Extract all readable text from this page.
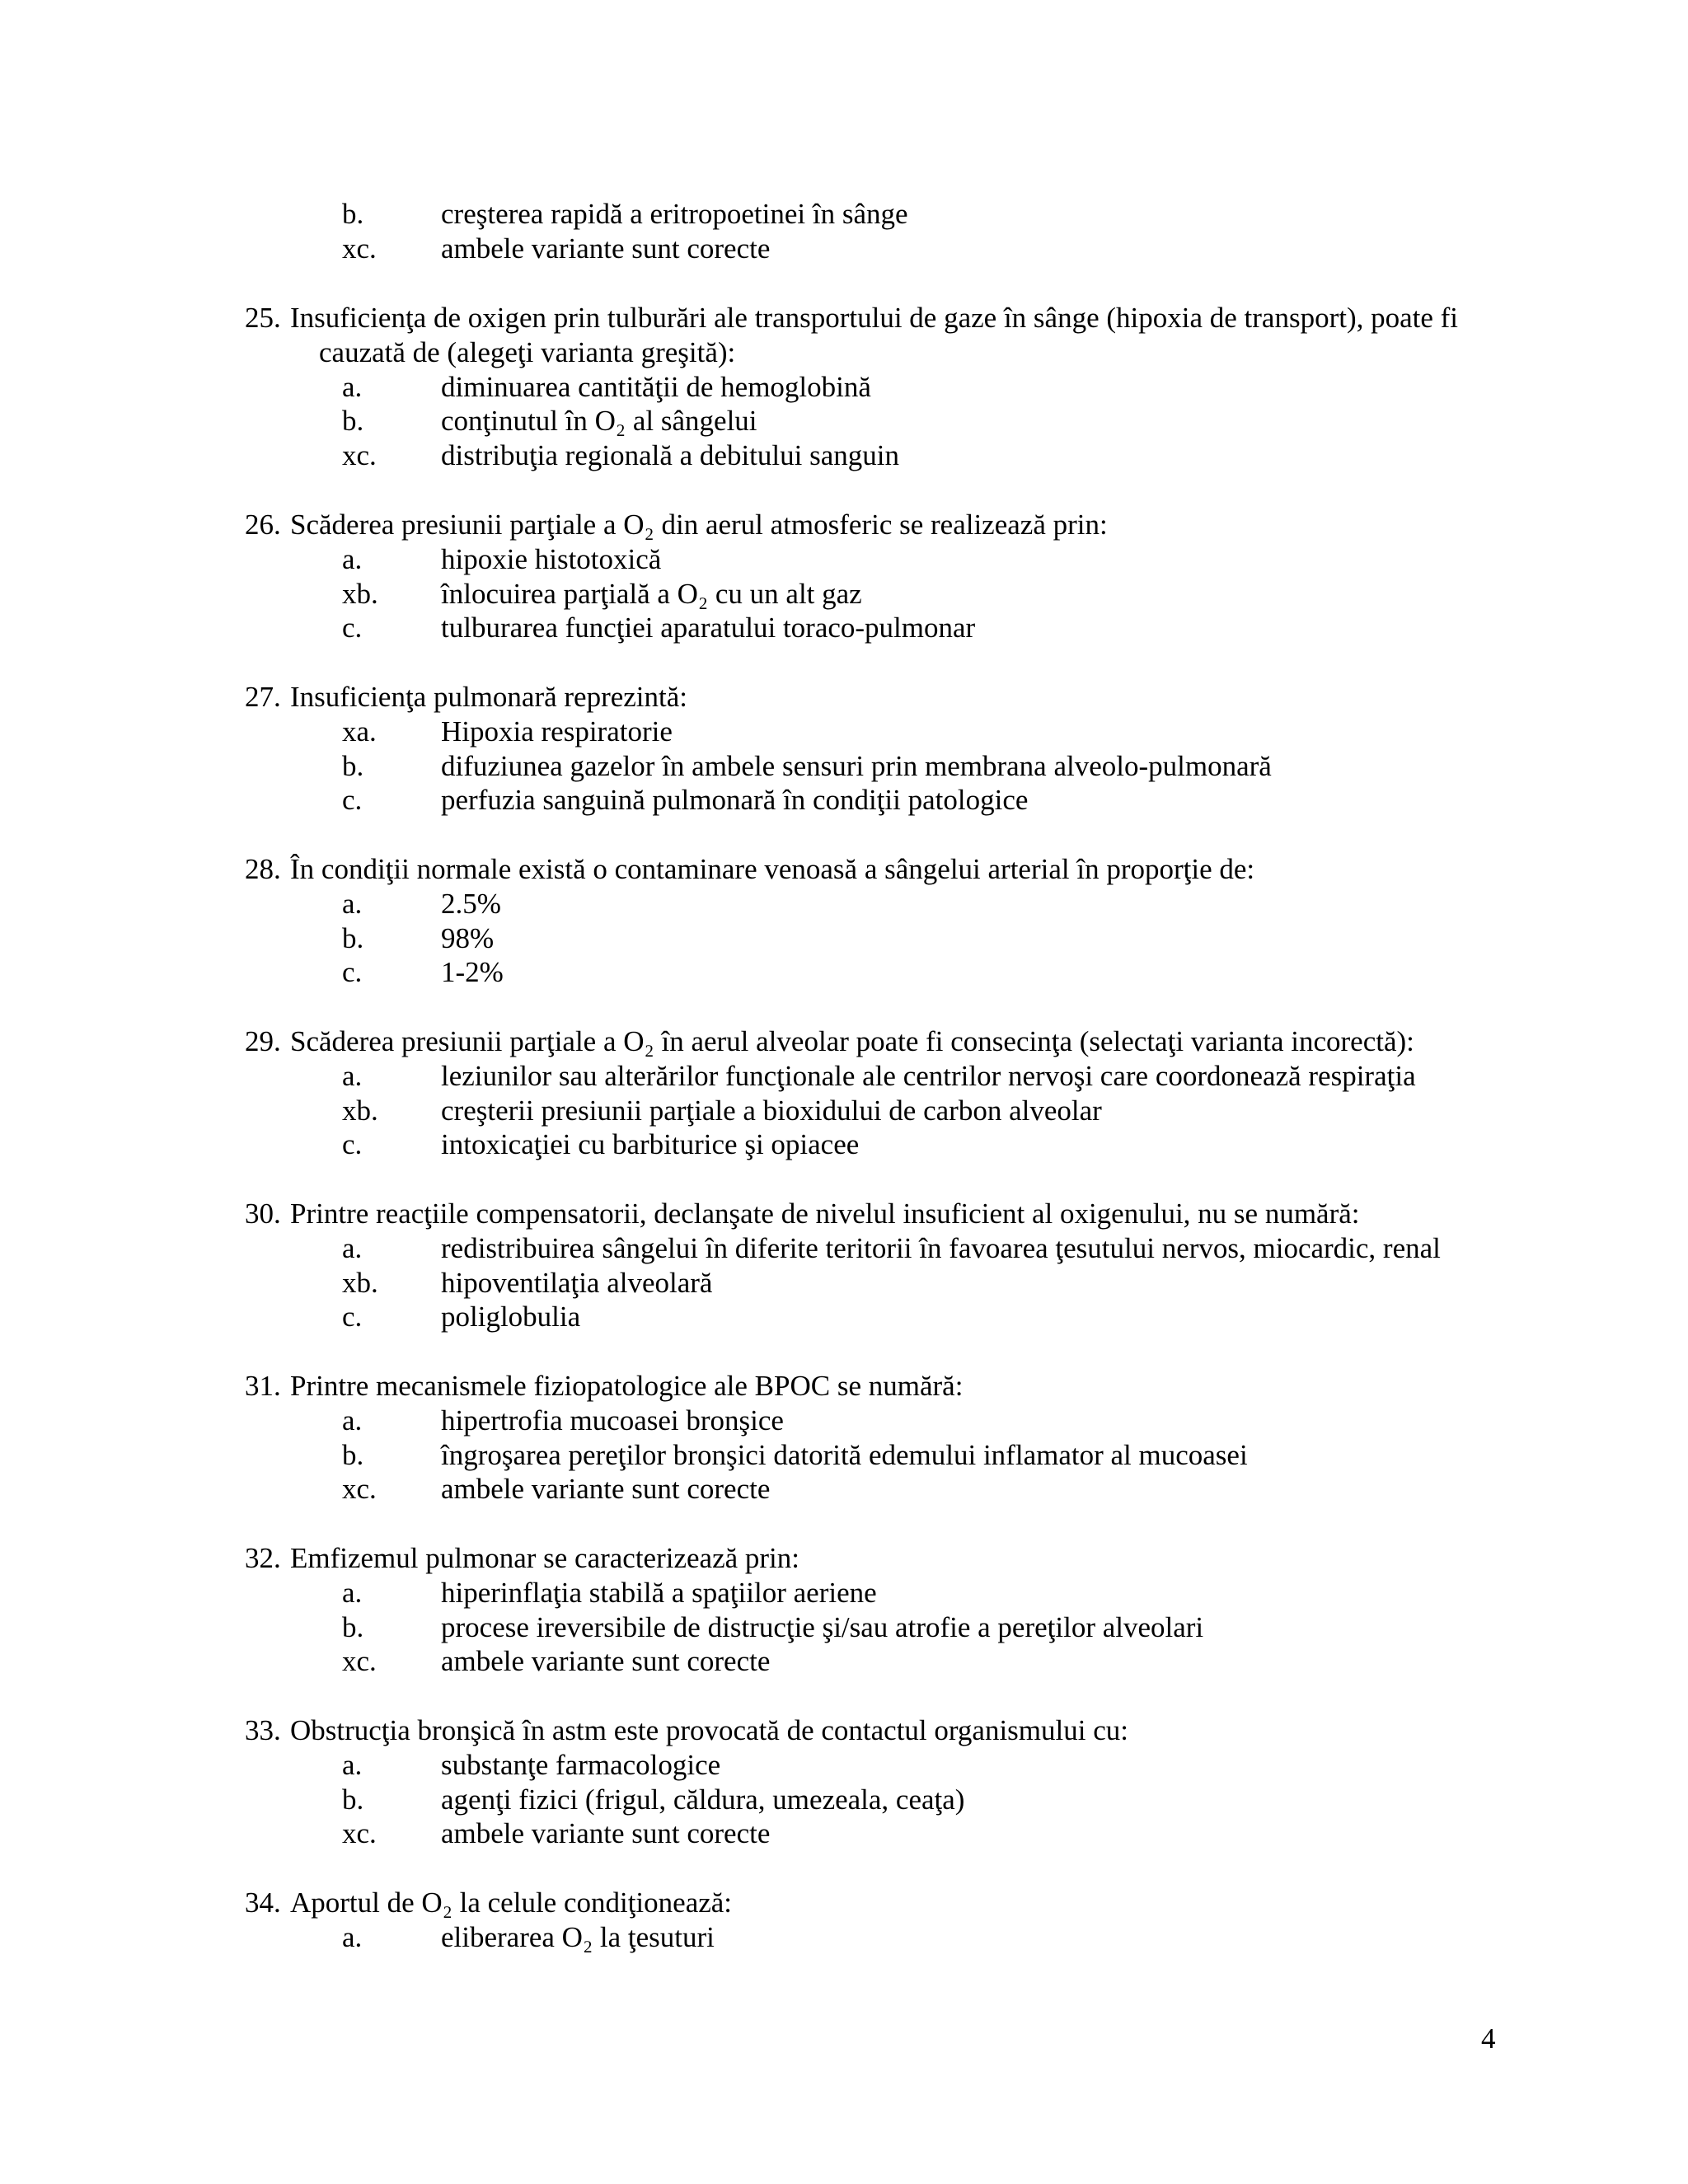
b.	creşterea rapidă a eritropoetinei în sânge
xc. ambele variante sunt corecte
25. Insuficienţa de oxigen prin tulburări ale transportului de gaze în sânge (hipoxia de transport), poate fi
cauzată de (alegeţi varianta greşită):
a.	diminuarea cantităţii de hemoglobină
b.	conţinutul în O₂ al sângelui
xc. distribuţia regională a debitului sanguin
26. Scăderea presiunii parţiale a O₂ din aerul atmosferic se realizează prin:
a.	hipoxie histotoxică
xb. înlocuirea parţială a O₂ cu un alt gaz
c.	tulburarea funcţiei aparatului toraco-pulmonar
27. Insuficienţa pulmonară reprezintă:
xa. Hipoxia respiratorie
b.	difuziunea gazelor în ambele sensuri prin membrana alveolo-pulmonară
c.	perfuzia sanguină pulmonară în condiţii patologice
28. În condiţii normale există o contaminare venoasă a sângelui arterial în proporţie de:
a.	2.5%
b.	98%
c.	1-2%
29. Scăderea presiunii parţiale a O₂ în aerul alveolar poate fi consecinţa (selectaţi varianta incorectă):
a.	leziunilor sau alterărilor funcţionale ale centrilor nervoşi care coordonează respiraţia
xb. creşterii presiunii parţiale a bioxidului de carbon alveolar
c.	intoxicaţiei cu barbiturice şi opiacee
30. Printre reacţiile compensatorii, declanşate de nivelul insuficient al oxigenului, nu se numără:
a.	redistribuirea sângelui în diferite teritorii în favoarea ţesutului nervos, miocardic, renal
xb. hipoventilaţia alveolară
c.	poliglobulia
31. Printre mecanismele fiziopatologice ale BPOC se numără:
a.	hipertrofia mucoasei bronşice
b.	îngroşarea pereţilor bronşici datorită edemului inflamator al mucoasei
xc. ambele variante sunt corecte
32. Emfizemul pulmonar se caracterizează prin:
a.	hiperinflaţia stabilă a spaţiilor aeriene
b.	procese ireversibile de distrucţie şi/sau atrofie a pereţilor alveolari
xc. ambele variante sunt corecte
33. Obstrucţia bronşică în astm este provocată de contactul organismului cu:
a.	substanţe farmacologice
b.	agenţi fizici (frigul, căldura, umezeala, ceaţa)
xc. ambele variante sunt corecte
34. Aportul de O₂ la celule condiţionează:
a.	eliberarea O₂ la ţesuturi
4
